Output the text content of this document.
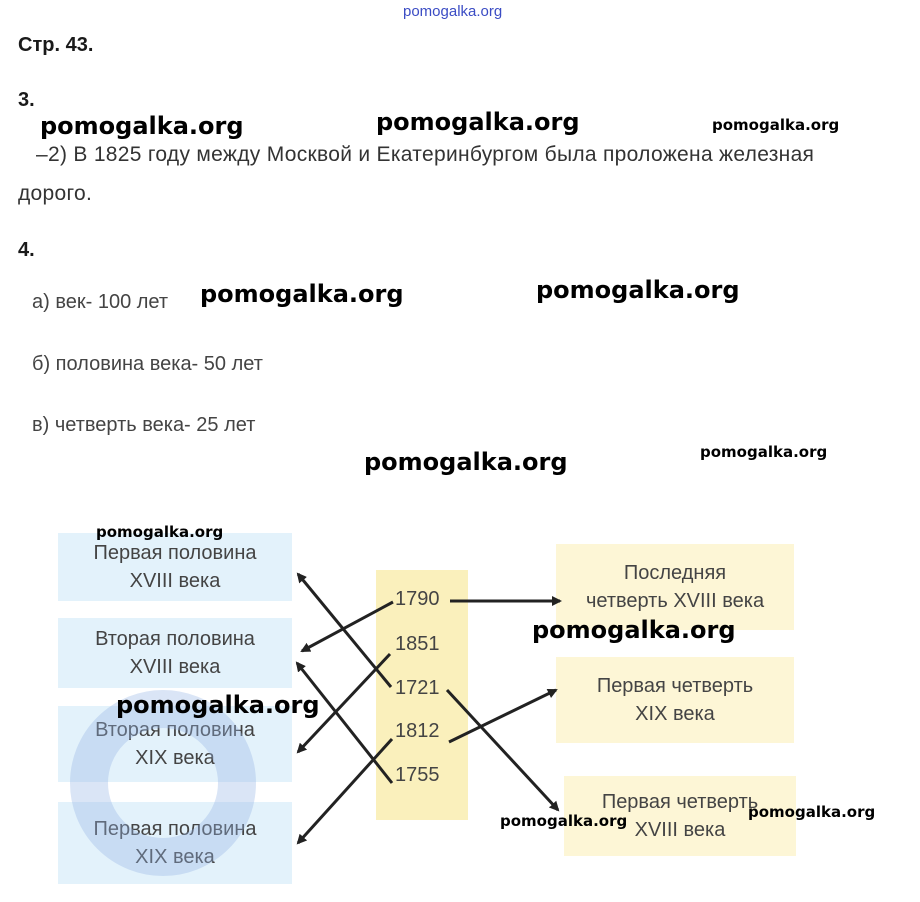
pomogalka.org
Стр. 43.
3.
–2) В 1825 году между Москвой и Екатеринбургом была проложена железная
дорого.
4.
а) век- 100 лет
б) половина века- 50 лет
в) четверть века- 25 лет
Первая половина
XVIII века
Вторая половина
XVIII века
Вторая половина
XIX века
Первая половина
XIX века
1790
1851
1721
1812
1755
Последняя
четверть XVIII века
Первая четверть
XIX века
Первая четверть
XVIII века
pomogalka.org	pomogalka.org	pomogalka.org
pomogalka.org	pomogalka.org
pomogalka.org	pomogalka.org
pomogalka.org
pomogalka.org
pomogalka.org
pomogalka.org	pomogalka.org
